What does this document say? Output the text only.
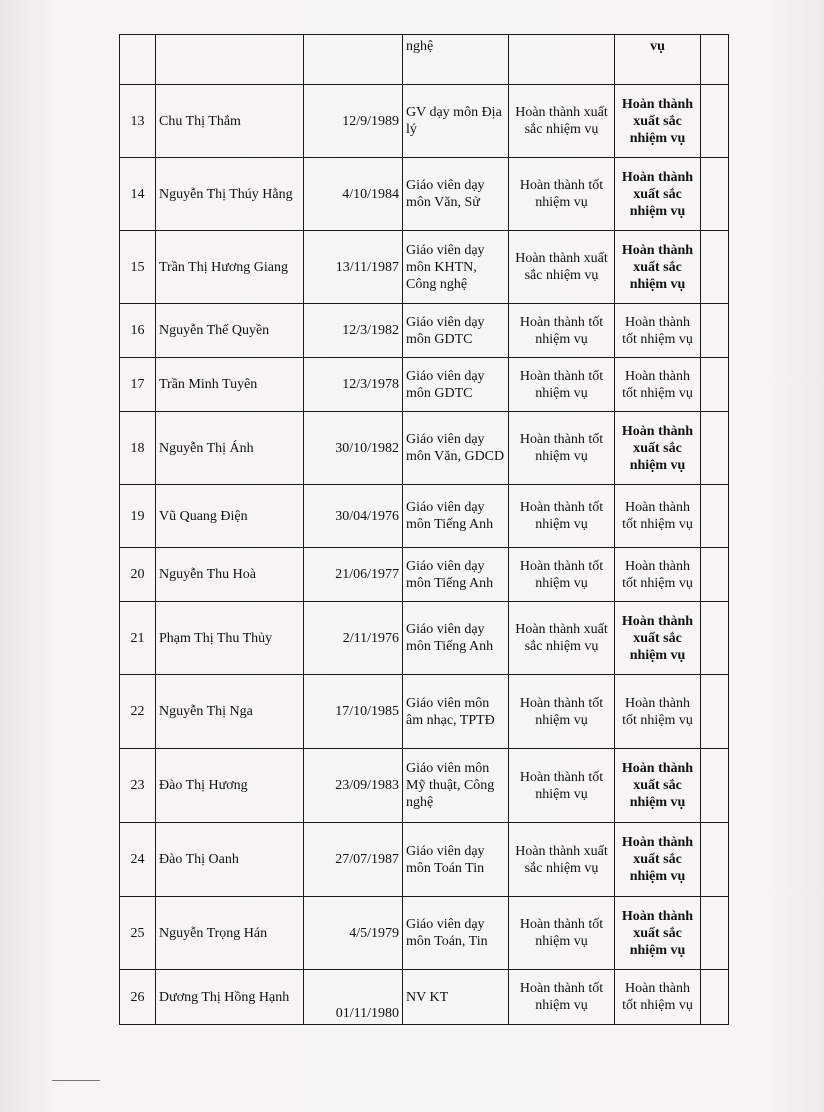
			nghệ		vụ	
13	Chu Thị Thắm	12/9/1989	GV dạy môn Địa lý	Hoàn thành xuất sắc nhiệm vụ	Hoàn thành xuất sắc nhiệm vụ	
14	Nguyễn Thị Thúy Hằng	4/10/1984	Giáo viên dạy môn Văn, Sử	Hoàn thành tốt nhiệm vụ	Hoàn thành xuất sắc nhiệm vụ	
15	Trần Thị Hương Giang	13/11/1987	Giáo viên dạy môn KHTN, Công nghệ	Hoàn thành xuất sắc nhiệm vụ	Hoàn thành xuất sắc nhiệm vụ	
16	Nguyễn Thế Quyền	12/3/1982	Giáo viên dạy môn GDTC	Hoàn thành tốt nhiệm vụ	Hoàn thành tốt nhiệm vụ	
17	Trần Minh Tuyên	12/3/1978	Giáo viên dạy môn GDTC	Hoàn thành tốt nhiệm vụ	Hoàn thành tốt nhiệm vụ	
18	Nguyễn Thị Ánh	30/10/1982	Giáo viên dạy môn Văn, GDCD	Hoàn thành tốt nhiệm vụ	Hoàn thành xuất sắc nhiệm vụ	
19	Vũ Quang Điện	30/04/1976	Giáo viên dạy môn Tiếng Anh	Hoàn thành tốt nhiệm vụ	Hoàn thành tốt nhiệm vụ	
20	Nguyễn Thu Hoà	21/06/1977	Giáo viên dạy môn Tiếng Anh	Hoàn thành tốt nhiệm vụ	Hoàn thành tốt nhiệm vụ	
21	Phạm Thị Thu Thủy	2/11/1976	Giáo viên dạy môn Tiếng Anh	Hoàn thành xuất sắc nhiệm vụ	Hoàn thành xuất sắc nhiệm vụ	
22	Nguyễn Thị Nga	17/10/1985	Giáo viên môn âm nhạc, TPTĐ	Hoàn thành tốt nhiệm vụ	Hoàn thành tốt nhiệm vụ	
23	Đào Thị Hương	23/09/1983	Giáo viên môn Mỹ thuật, Công nghệ	Hoàn thành tốt nhiệm vụ	Hoàn thành xuất sắc nhiệm vụ	
24	Đào Thị Oanh	27/07/1987	Giáo viên dạy môn Toán Tin	Hoàn thành xuất sắc nhiệm vụ	Hoàn thành xuất sắc nhiệm vụ	
25	Nguyễn Trọng Hán	4/5/1979	Giáo viên dạy môn Toán, Tin	Hoàn thành tốt nhiệm vụ	Hoàn thành xuất sắc nhiệm vụ	
26	Dương Thị Hồng Hạnh	01/11/1980	NV KT	Hoàn thành tốt nhiệm vụ	Hoàn thành tốt nhiệm vụ	
